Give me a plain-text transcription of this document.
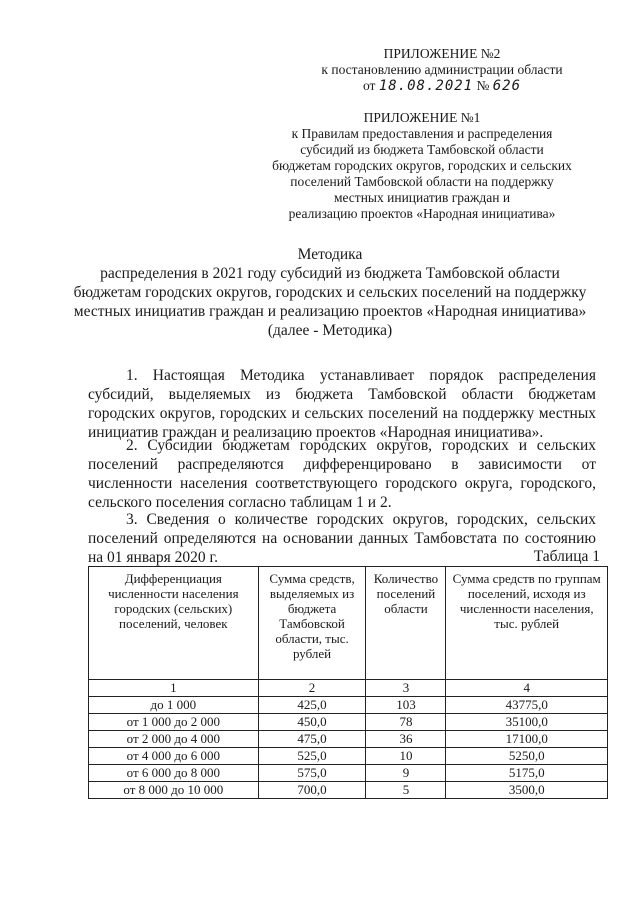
ПРИЛОЖЕНИЕ №2
к постановлению администрации области
от 18.08.2021 № 626
ПРИЛОЖЕНИЕ №1
к Правилам предоставления и распределения
субсидий из бюджета Тамбовской области
бюджетам городских округов, городских и сельских
поселений Тамбовской области на поддержку
местных инициатив граждан и
реализацию проектов «Народная инициатива»
Методика
распределения в 2021 году субсидий из бюджета Тамбовской области
бюджетам городских округов, городских и сельских поселений на поддержку
местных инициатив граждан и реализацию проектов «Народная инициатива»
(далее - Методика)

1. Настоящая Методика устанавливает порядок распределения субсидий, выделяемых из бюджета Тамбовской области бюджетам городских округов, городских и сельских поселений на поддержку местных инициатив граждан и реализацию проектов «Народная инициатива».

2. Субсидии бюджетам городских округов, городских и сельских поселений распределяются дифференцировано в зависимости от численности населения соответствующего городского округа, городского, сельского поселения согласно таблицам 1 и 2.

3. Сведения о количестве городских округов, городских, сельских поселений определяются на основании данных Тамбовстата по состоянию на 01 января 2020 г.	Таблица 1
Дифференциация численности населения городских (сельских) поселений, человек	Сумма средств, выделяемых из бюджета Тамбовской области, тыс. рублей	Количество поселений области	Сумма средств по группам поселений, исходя из численности населения, тыс. рублей
1	2	3	4
до 1 000	425,0	103	43775,0
от 1 000 до 2 000	450,0	78	35100,0
от 2 000 до 4 000	475,0	36	17100,0
от 4 000 до 6 000	525,0	10	5250,0
от 6 000 до 8 000	575,0	9	5175,0
от 8 000 до 10 000	700,0	5	3500,0
